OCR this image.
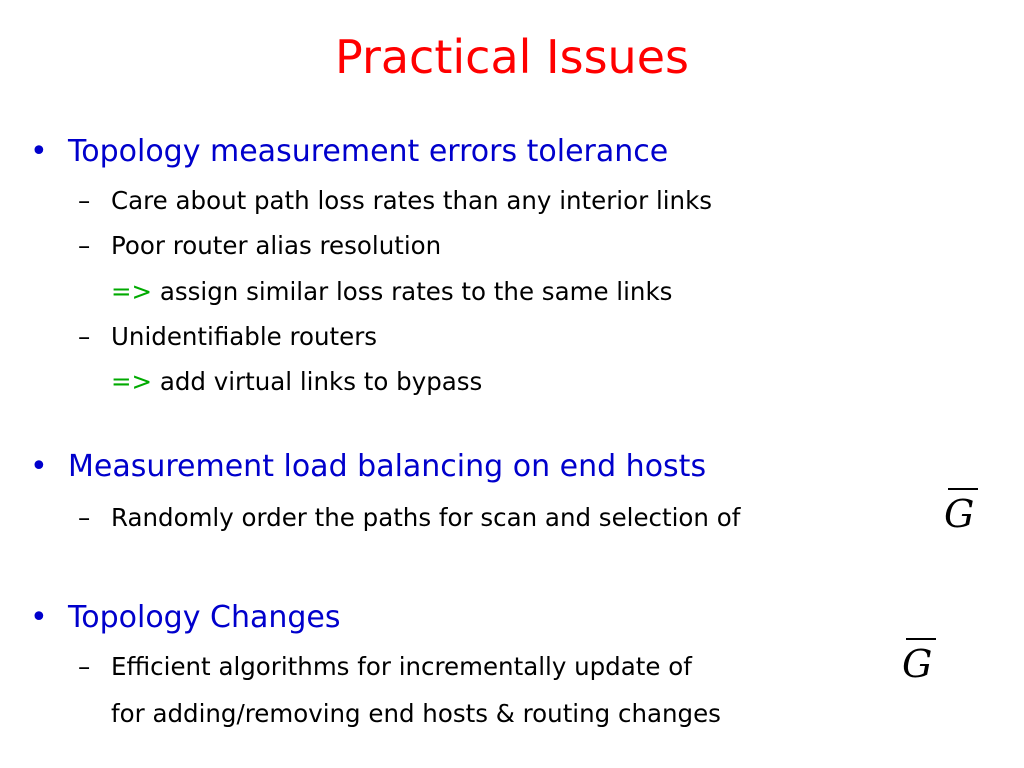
Practical Issues
• Topology measurement errors tolerance
– Care about path loss rates than any interior links
– Poor router alias resolution
=> assign similar loss rates to the same links
– Unidentifiable routers
=> add virtual links to bypass
• Measurement load balancing on end hosts
– Randomly order the paths for scan and selection of	G
• Topology Changes
– Efficient algorithms for incrementally update of
for adding/removing end hosts & routing changes
G
